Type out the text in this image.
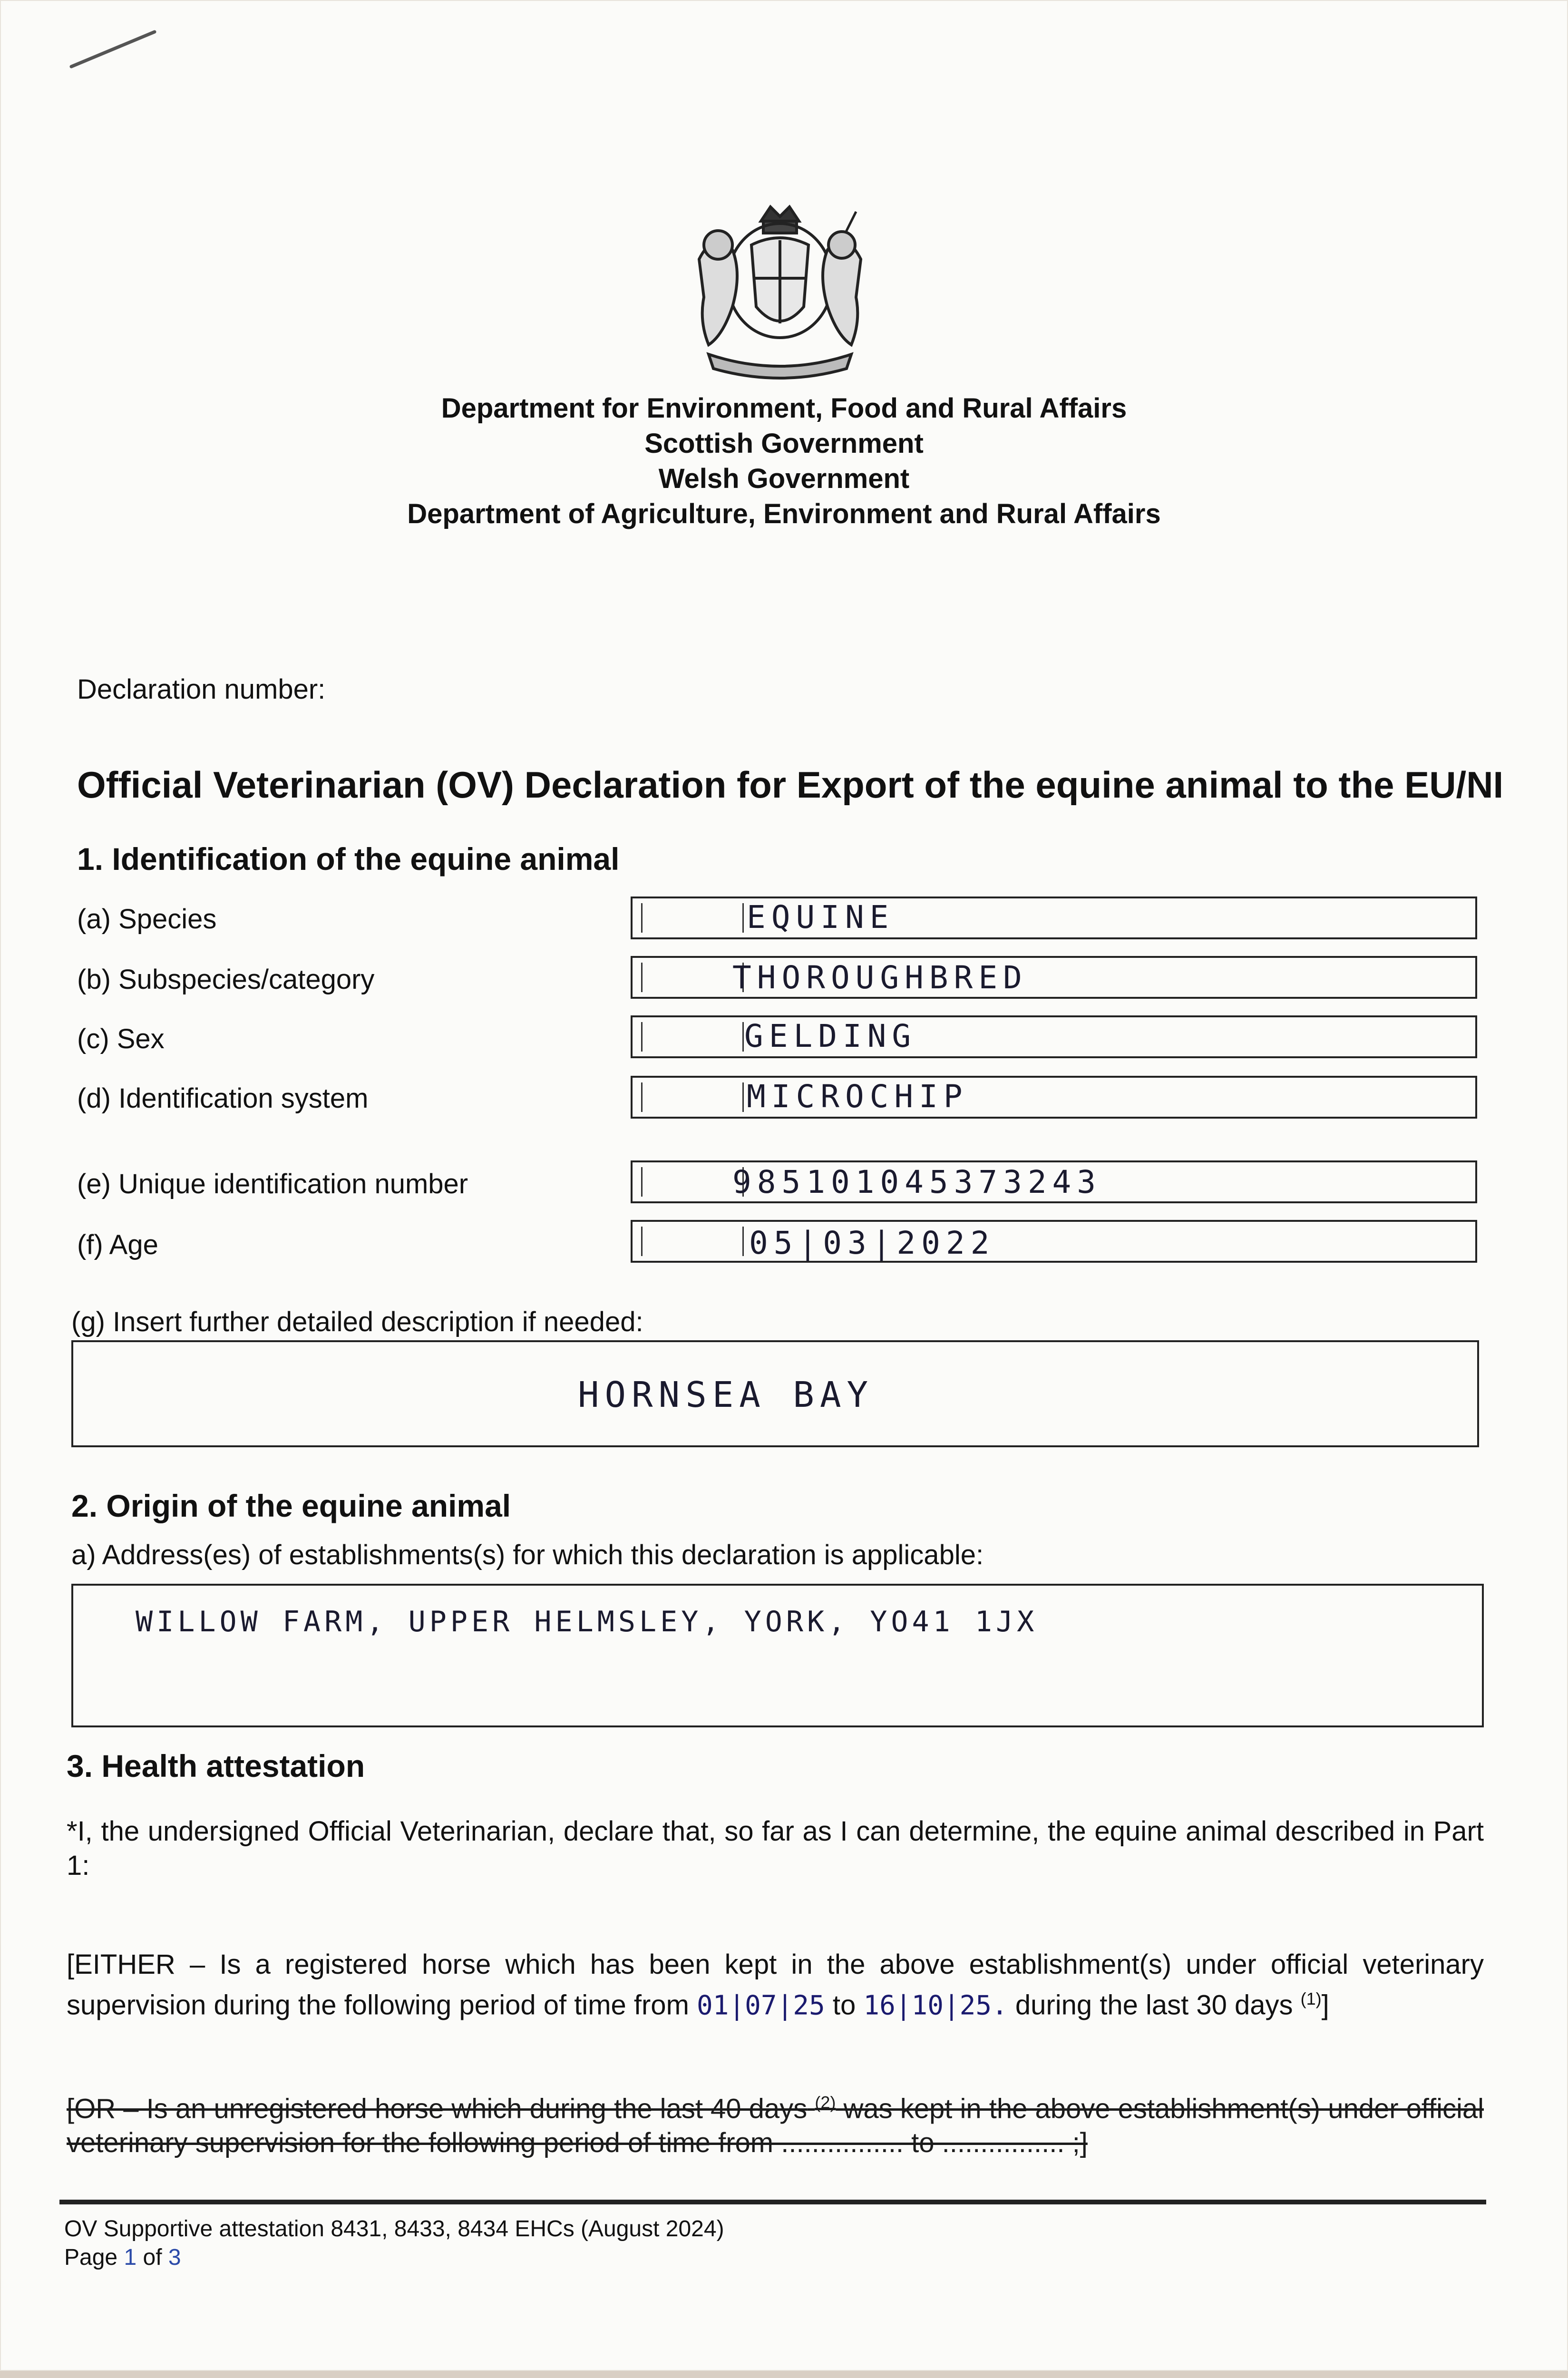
Department for Environment, Food and Rural Affairs
Scottish Government
Welsh Government
Department of Agriculture, Environment and Rural Affairs
Declaration number:
Official Veterinarian (OV) Declaration for Export of the equine animal to the EU/NI
1. Identification of the equine animal
(a) Species	EQUINE
(b) Subspecies/category	THOROUGHBRED
(c) Sex	GELDING
(d) Identification system	MICROCHIP
(e) Unique identification number	985101045373243
(f) Age	05|03|2022
(g) Insert further detailed description if needed:
HORNSEA BAY
2. Origin of the equine animal
a) Address(es) of establishments(s) for which this declaration is applicable:
WILLOW FARM, UPPER HELMSLEY, YORK, YO41 1JX
3. Health attestation
*I, the undersigned Official Veterinarian, declare that, so far as I can determine, the equine animal described in Part 1:
[EITHER – Is a registered horse which has been kept in the above establishment(s) under official veterinary supervision during the following period of time from 01|07|25 to 16|10|25. during the last 30 days $^{(1)}$]
[OR – Is an unregistered horse which during the last 40 days $^{(2)}$ was kept in the above establishment(s) under official veterinary supervision for the following period of time from ................ to ................ ;]
OV Supportive attestation 8431, 8433, 8434 EHCs (August 2024)
Page 1 of 3
